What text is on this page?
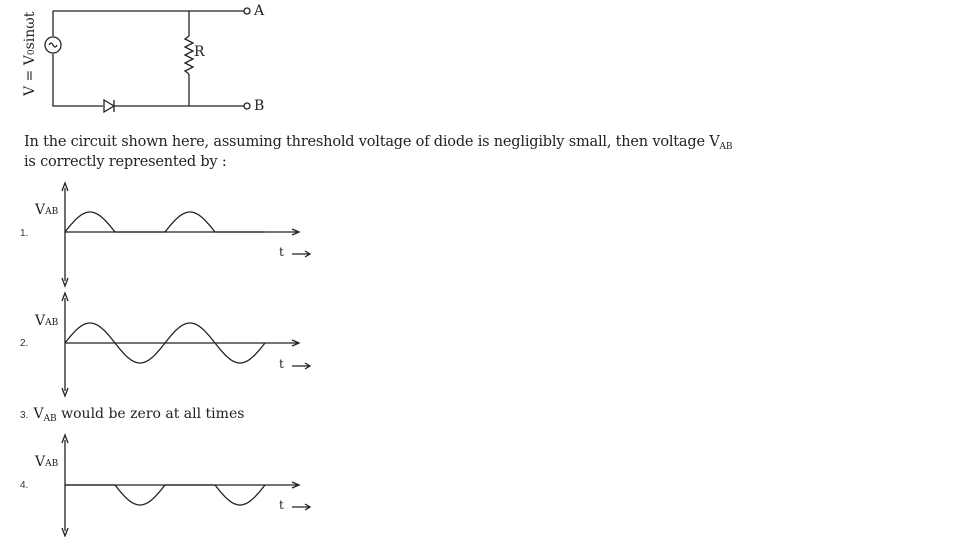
V = V0sinωt
R
A
B
In the circuit shown here, assuming threshold voltage of diode is negligibly small, then voltage $V_{AB}$
is correctly represented by :
1.
VAB
t
2.
VAB
t
3. VAB would be zero at all times
4.
VAB
t
